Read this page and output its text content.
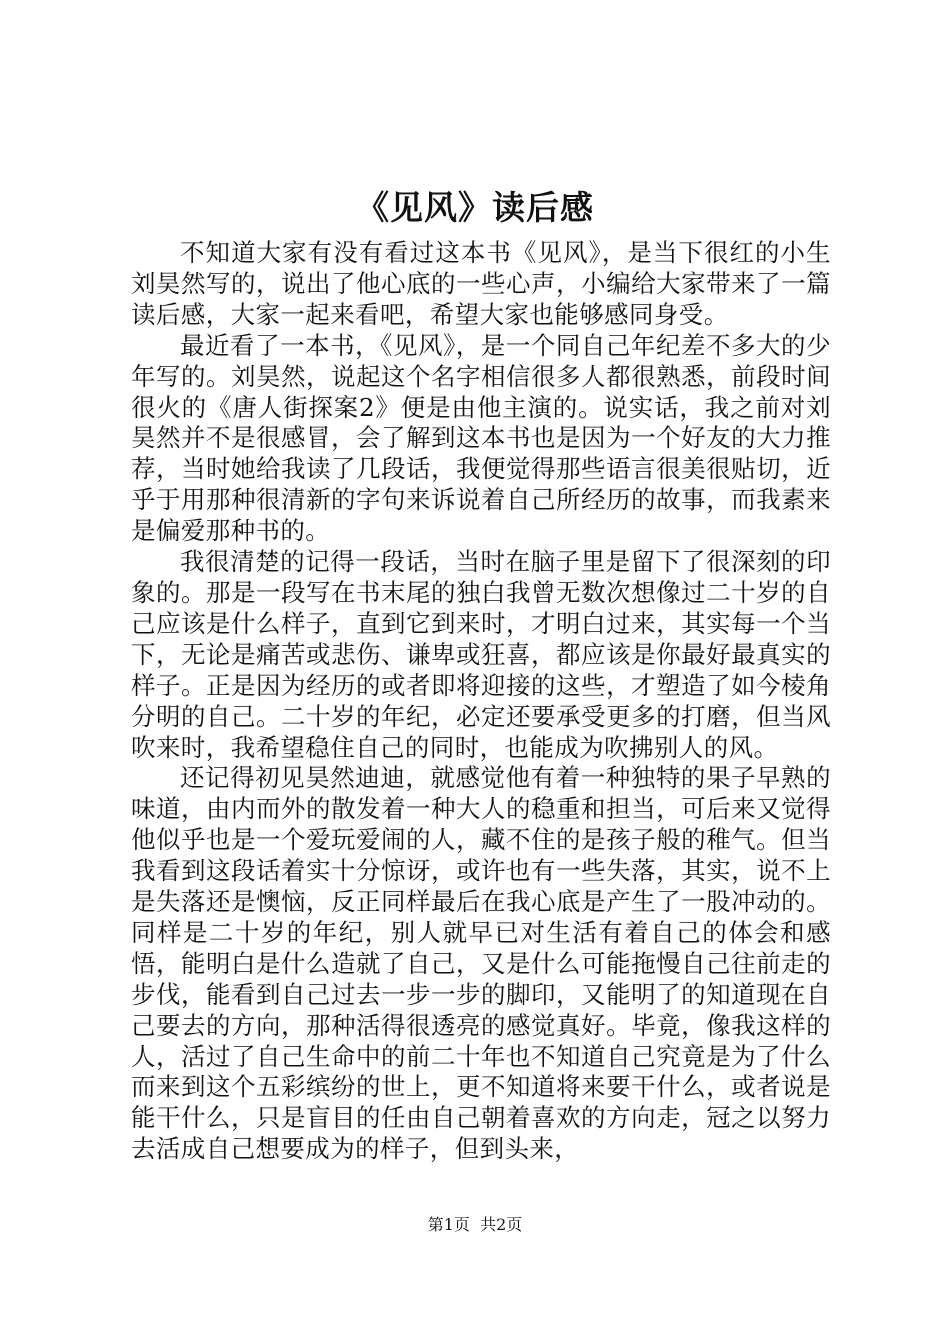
《见风》读后感

不知道大家有没有看过这本书《见风》，是当下很红的小生刘昊然写的，说出了他心底的一些心声，小编给大家带来了一篇读后感，大家一起来看吧，希望大家也能够感同身受。

最近看了一本书，《见风》，是一个同自己年纪差不多大的少年写的。刘昊然，说起这个名字相信很多人都很熟悉，前段时间很火的《唐人街探案2》便是由他主演的。说实话，我之前对刘昊然并不是很感冒，会了解到这本书也是因为一个好友的大力推荐，当时她给我读了几段话，我便觉得那些语言很美很贴切，近乎于用那种很清新的字句来诉说着自己所经历的故事，而我素来是偏爱那种书的。

我很清楚的记得一段话，当时在脑子里是留下了很深刻的印象的。那是一段写在书末尾的独白我曾无数次想像过二十岁的自己应该是什么样子，直到它到来时，才明白过来，其实每一个当下，无论是痛苦或悲伤、谦卑或狂喜，都应该是你最好最真实的样子。正是因为经历的或者即将迎接的这些，才塑造了如今棱角分明的自己。二十岁的年纪，必定还要承受更多的打磨，但当风吹来时，我希望稳住自己的同时，也能成为吹拂别人的风。

还记得初见昊然迪迪，就感觉他有着一种独特的果子早熟的味道，由内而外的散发着一种大人的稳重和担当，可后来又觉得他似乎也是一个爱玩爱闹的人，藏不住的是孩子般的稚气。但当我看到这段话着实十分惊讶，或许也有一些失落，其实，说不上是失落还是懊恼，反正同样最后在我心底是产生了一股冲动的。同样是二十岁的年纪，别人就早已对生活有着自己的体会和感悟，能明白是什么造就了自己，又是什么可能拖慢自己往前走的步伐，能看到自己过去一步一步的脚印，又能明了的知道现在自己要去的方向，那种活得很透亮的感觉真好。毕竟，像我这样的人，活过了自己生命中的前二十年也不知道自己究竟是为了什么而来到这个五彩缤纷的世上，更不知道将来要干什么，或者说是能干什么，只是盲目的任由自己朝着喜欢的方向走，冠之以努力去活成自己想要成为的样子，但到头来，

第1页 共2页
